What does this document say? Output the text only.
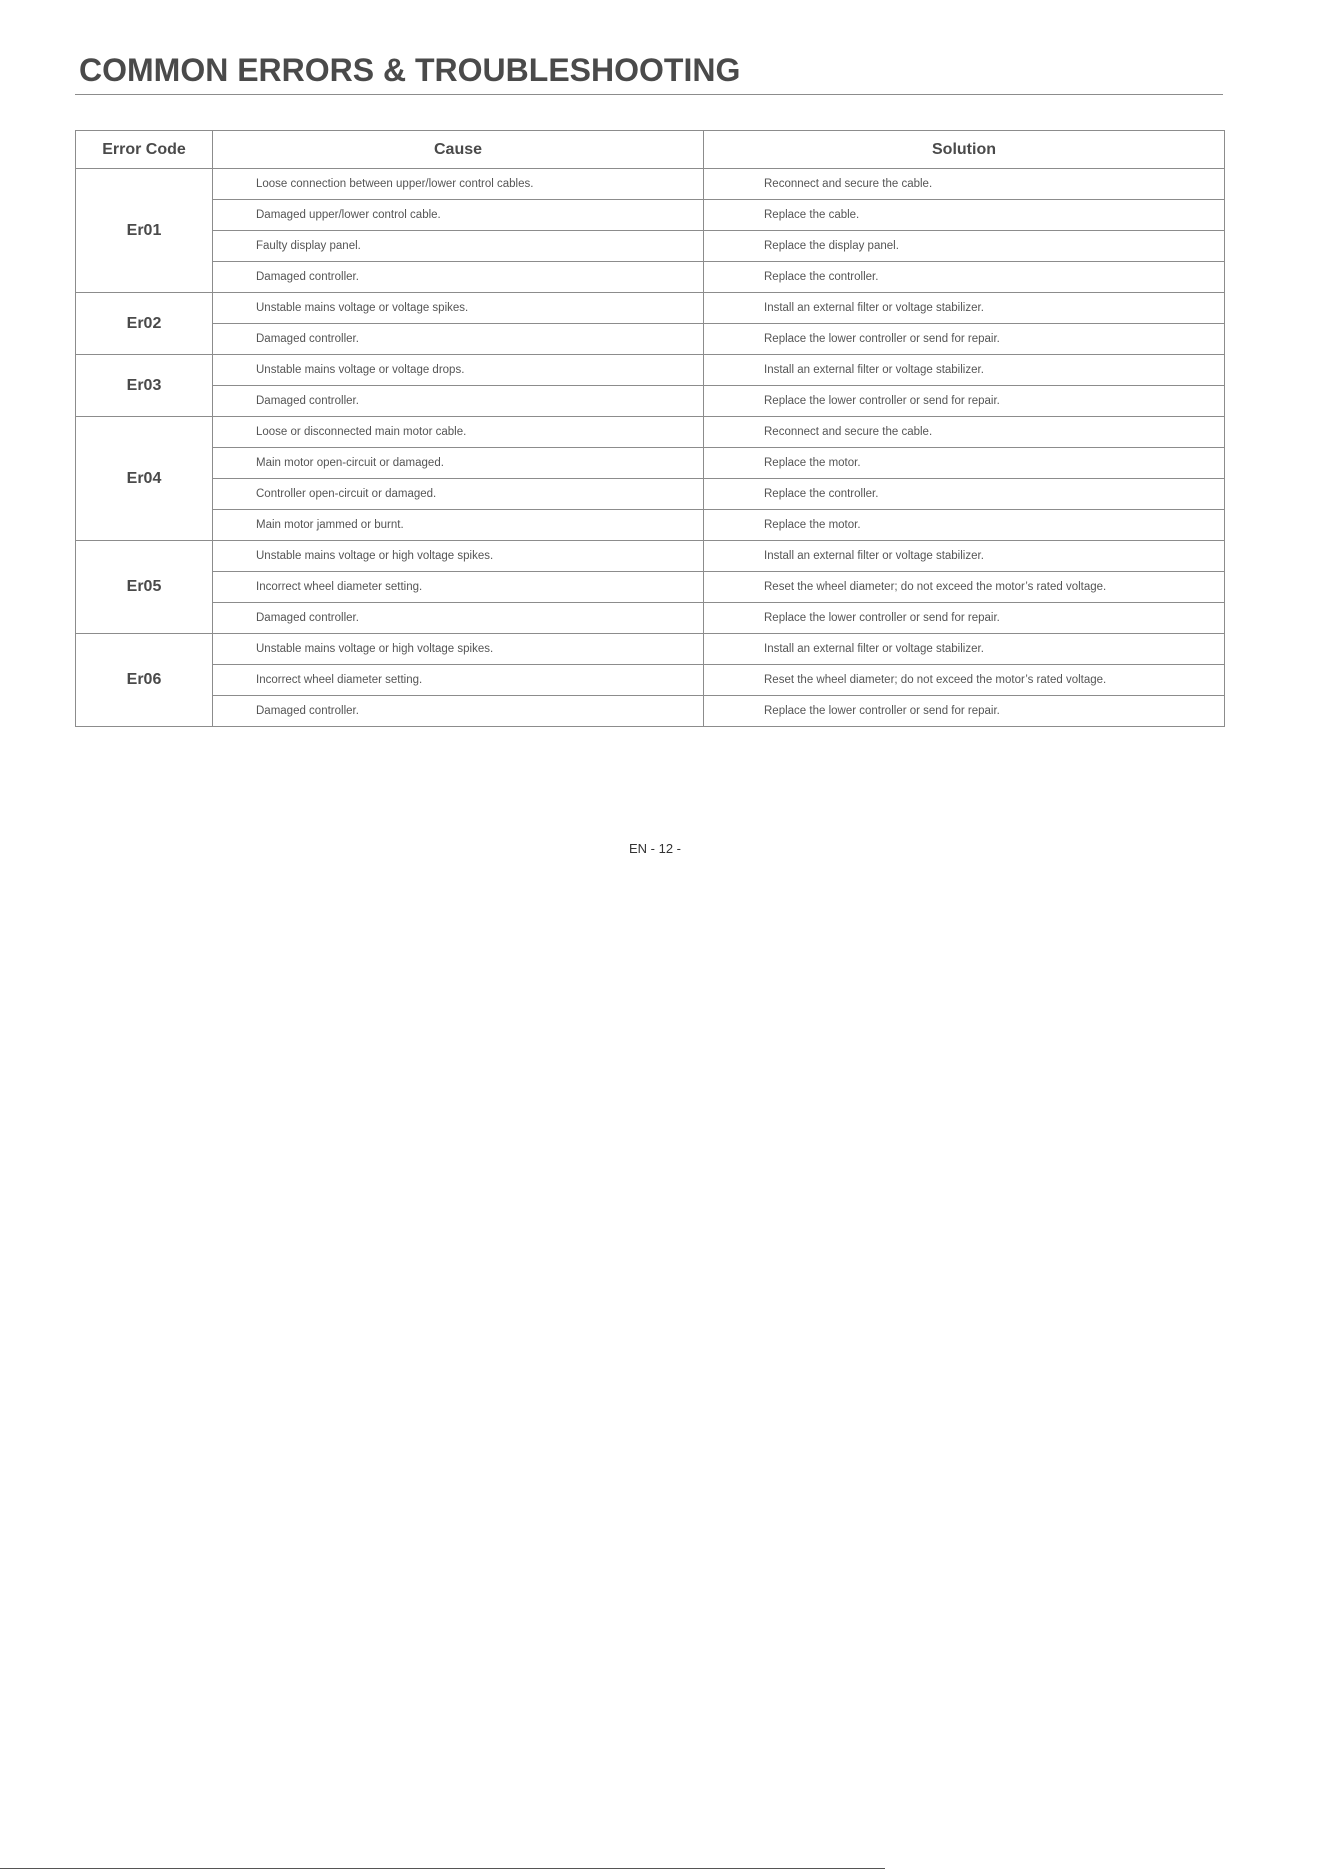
COMMON ERRORS & TROUBLESHOOTING
Error Code	Cause	Solution
Er01	Loose connection between upper/lower control cables.	Reconnect and secure the cable.
	Damaged upper/lower control cable.	Replace the cable.
	Faulty display panel.	Replace the display panel.
	Damaged controller.	Replace the controller.
Er02	Unstable mains voltage or voltage spikes.	Install an external filter or voltage stabilizer.
	Damaged controller.	Replace the lower controller or send for repair.
Er03	Unstable mains voltage or voltage drops.	Install an external filter or voltage stabilizer.
	Damaged controller.	Replace the lower controller or send for repair.
Er04	Loose or disconnected main motor cable.	Reconnect and secure the cable.
	Main motor open-circuit or damaged.	Replace the motor.
	Controller open-circuit or damaged.	Replace the controller.
	Main motor jammed or burnt.	Replace the motor.
Er05	Unstable mains voltage or high voltage spikes.	Install an external filter or voltage stabilizer.
	Incorrect wheel diameter setting.	Reset the wheel diameter; do not exceed the motor’s rated voltage.
	Damaged controller.	Replace the lower controller or send for repair.
Er06	Unstable mains voltage or high voltage spikes.	Install an external filter or voltage stabilizer.
	Incorrect wheel diameter setting.	Reset the wheel diameter; do not exceed the motor’s rated voltage.
	Damaged controller.	Replace the lower controller or send for repair.
EN - 12 -
